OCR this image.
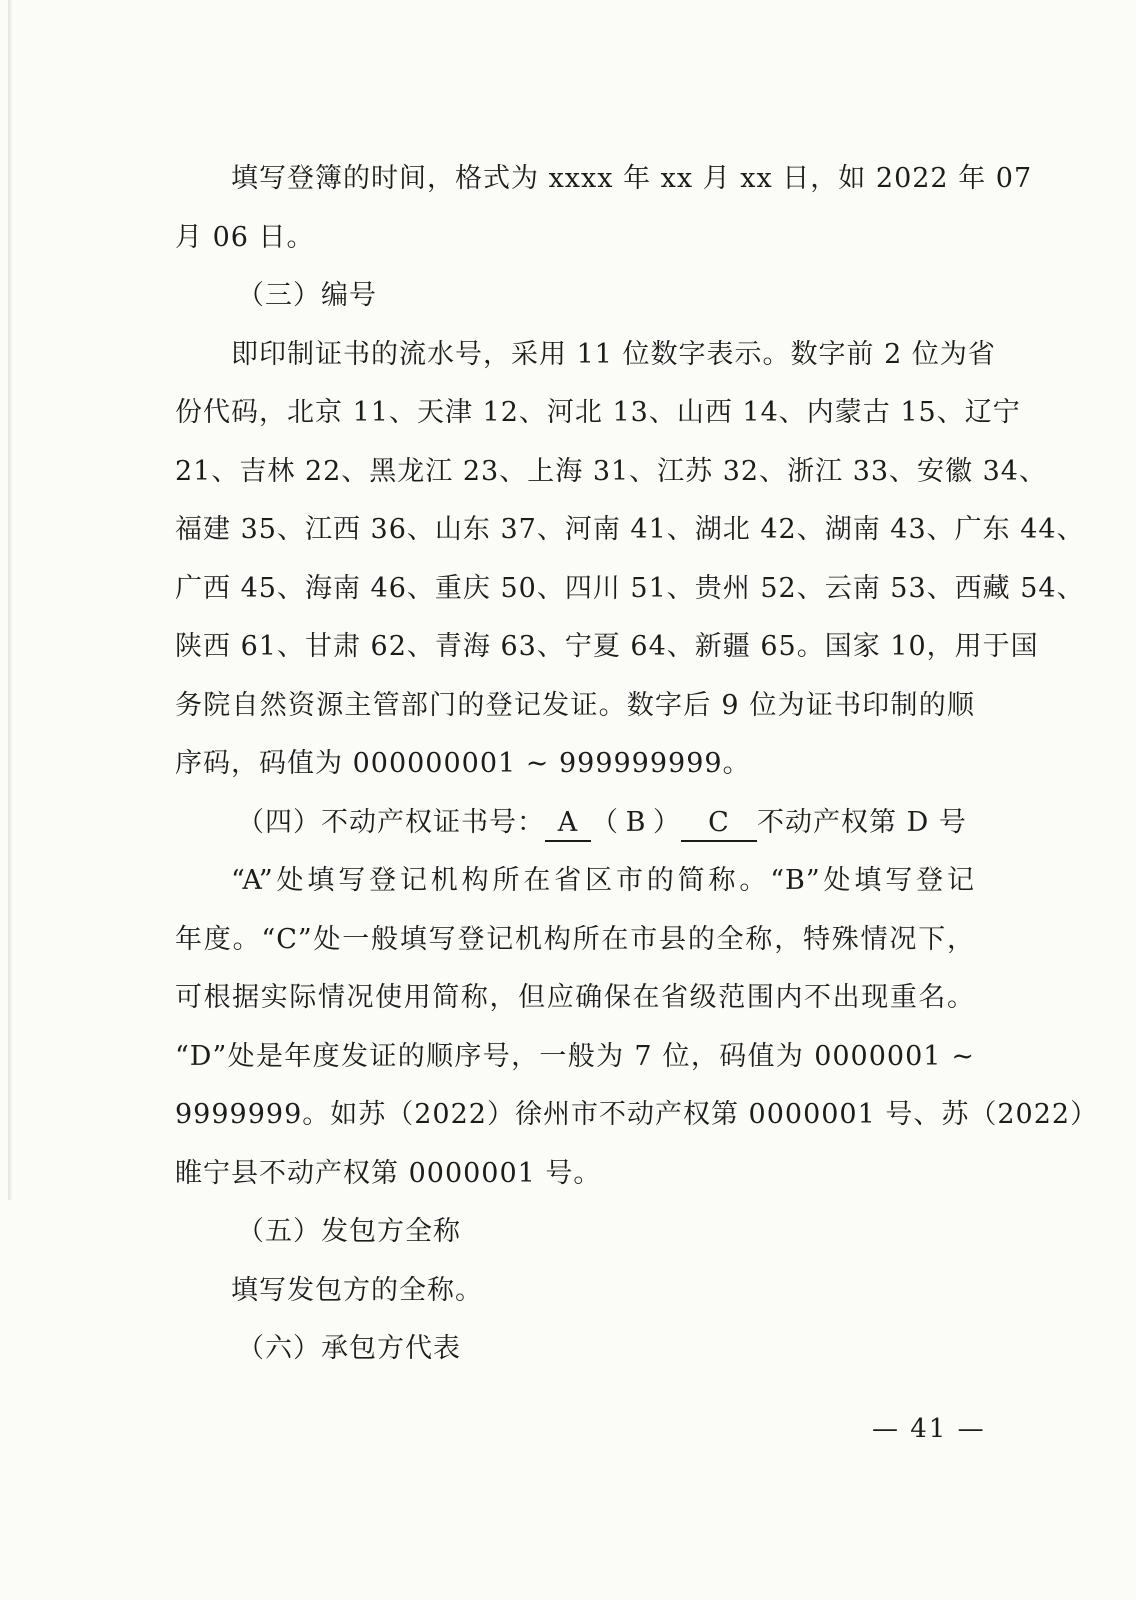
填写登簿的时间，格式为 xxxx 年 xx 月 xx 日，如 2022 年 07
月 06 日。
（三）编号
即印制证书的流水号，采用 11 位数字表示。数字前 2 位为省
份代码，北京 11、天津 12、河北 13、山西 14、内蒙古 15、辽宁
21、吉林 22、黑龙江 23、上海 31、江苏 32、浙江 33、安徽 34、
福建 35、江西 36、山东 37、河南 41、湖北 42、湖南 43、广东 44、
广西 45、海南 46、重庆 50、四川 51、贵州 52、云南 53、西藏 54、
陕西 61、甘肃 62、青海 63、宁夏 64、新疆 65。国家 10，用于国
务院自然资源主管部门的登记发证。数字后 9 位为证书印制的顺
序码，码值为 000000001 ~ 999999999。
（四）不动产权证书号： A （ B ） C 不动产权第 D 号
“A”处填写登记机构所在省区市的简称。“B”处填写登记
年度。“C”处一般填写登记机构所在市县的全称，特殊情况下，
可根据实际情况使用简称，但应确保在省级范围内不出现重名。
“D”处是年度发证的顺序号，一般为 7 位，码值为 0000001 ~
9999999。如苏（2022）徐州市不动产权第 0000001 号、苏（2022）
睢宁县不动产权第 0000001 号。
（五）发包方全称
填写发包方的全称。
（六）承包方代表
— 41 —
